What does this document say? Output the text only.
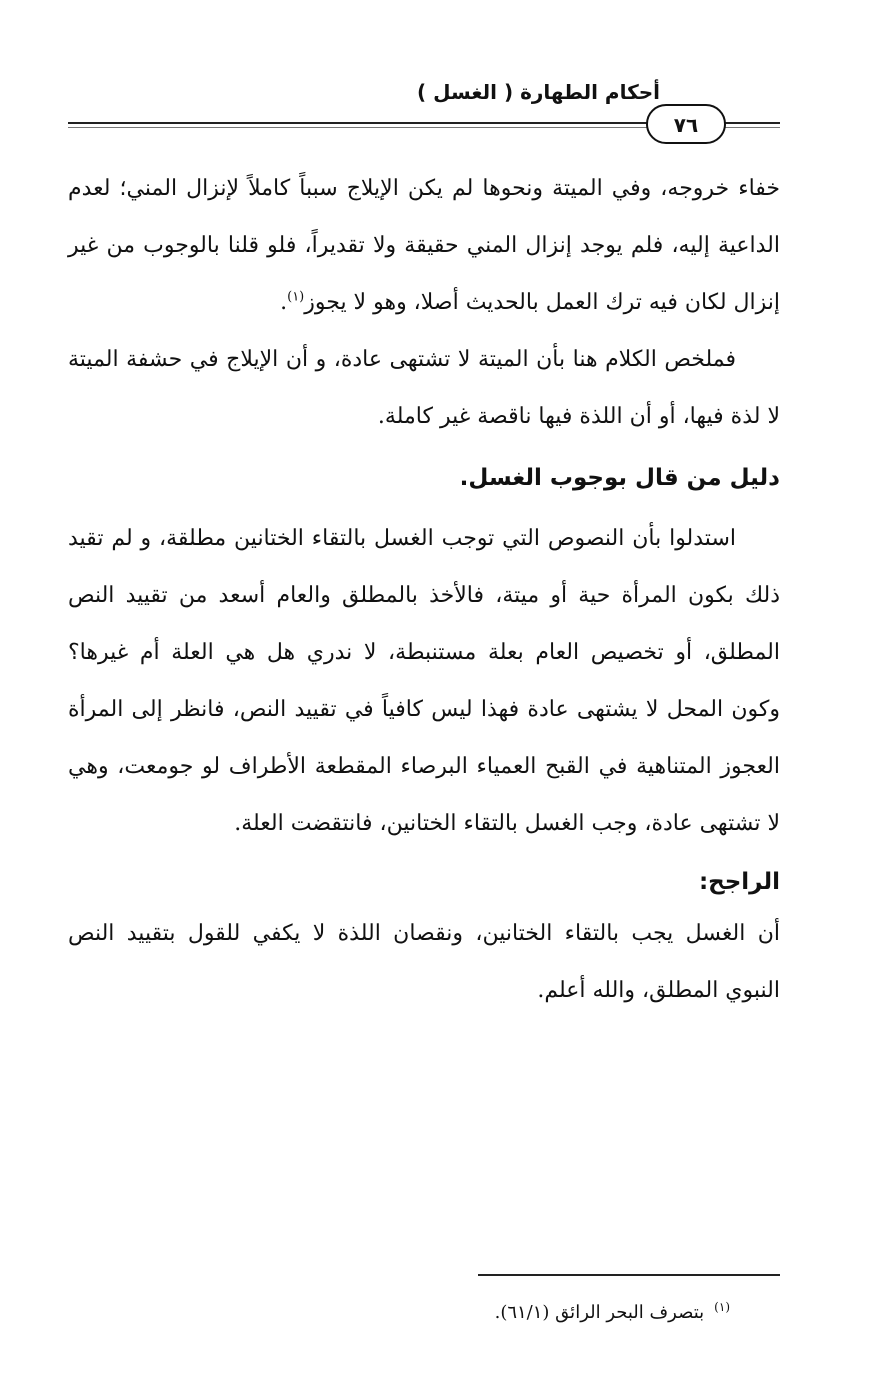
أحكام الطهارة ( الغسل )
٧٦

خفاء خروجه، وفي الميتة ونحوها لم يكن الإيلاج سبباً كاملاً لإنزال المني؛ لعدم الداعية إليه، فلم يوجد إنزال المني حقيقة ولا تقديراً، فلو قلنا بالوجوب من غير إنزال لكان فيه ترك العمل بالحديث أصلا، وهو لا يجوز$^{(١)}$.

فملخص الكلام هنا بأن الميتة لا تشتهى عادة، و أن الإيلاج في حشفة الميتة لا لذة فيها، أو أن اللذة فيها ناقصة غير كاملة.

دليل من قال بوجوب الغسل.

استدلوا بأن النصوص التي توجب الغسل بالتقاء الختانين مطلقة، و لم تقيد ذلك بكون المرأة حية أو ميتة، فالأخذ بالمطلق والعام أسعد من تقييد النص المطلق، أو تخصيص العام بعلة مستنبطة، لا ندري هل هي العلة أم غيرها؟ وكون المحل لا يشتهى عادة فهذا ليس كافياً في تقييد النص، فانظر إلى المرأة العجوز المتناهية في القبح العمياء البرصاء المقطعة الأطراف لو جومعت، وهي لا تشتهى عادة، وجب الغسل بالتقاء الختانين، فانتقضت العلة.

الراجح:

أن الغسل يجب بالتقاء الختانين، ونقصان اللذة لا يكفي للقول بتقييد النص النبوي المطلق، والله أعلم.

$^{(١)}$بتصرف البحر الرائق (٦١/١).
